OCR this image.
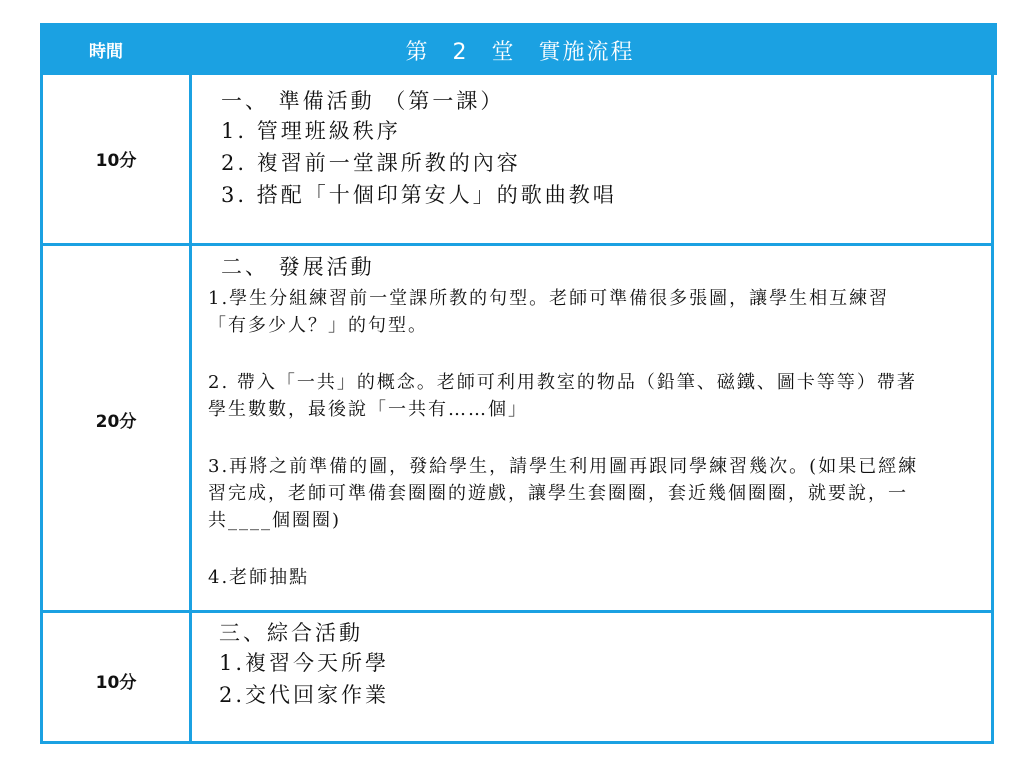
時間	第 2 堂 實施流程
10分
一、 準備活動 （第一課）
1. 管理班級秩序
2. 複習前一堂課所教的內容
3. 搭配「十個印第安人」的歌曲教唱
20分
二、 發展活動
1.學生分組練習前一堂課所教的句型。老師可準備很多張圖，讓學生相互練習「有多少人？」的句型。
2. 帶入「一共」的概念。老師可利用教室的物品（鉛筆、磁鐵、圖卡等等）帶著學生數數，最後說「一共有……個」
3.再將之前準備的圖，發給學生，請學生利用圖再跟同學練習幾次。(如果已經練習完成，老師可準備套圈圈的遊戲，讓學生套圈圈，套近幾個圈圈，就要說，一共____個圈圈)
4.老師抽點
10分
三、綜合活動
1.複習今天所學
2.交代回家作業
